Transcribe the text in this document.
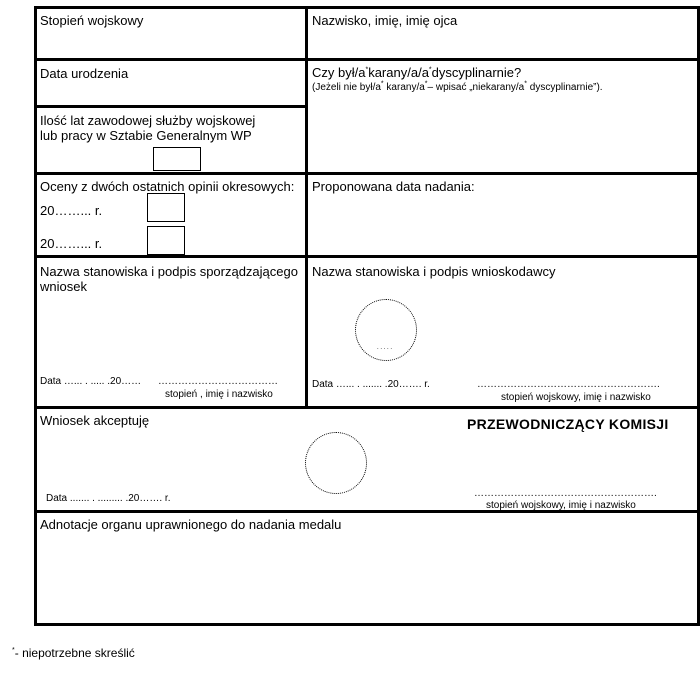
Stopień wojskowy	Nazwisko, imię, imię ojca
Data urodzenia	Czy był/a*karany/a/a*dyscyplinarnie?
(Jeżeli nie był/a* karany/a*– wpisać „niekarany/a* dyscyplinarnie”).
Ilość lat zawodowej służby wojskowej
lub pracy w Sztabie Generalnym WP
Oceny z dwóch ostatnich opinii okresowych:
20……... r.
20……... r.
Proponowana data nadania:
Nazwa stanowiska i podpis sporządzającego
wniosek
Data …... . ..... .20…… ………………………………
stopień , imię i nazwisko
Nazwa stanowiska i podpis wnioskodawcy
. . . . .
Data …... . ....... .20……. r.	……………………………………………….
stopień wojskowy, imię i nazwisko
Wniosek akceptuję	PRZEWODNICZĄCY KOMISJI
Data ....... . ......... .20……. r.	……………………………………………….
stopień wojskowy, imię i nazwisko
Adnotacje organu uprawnionego do nadania medalu
*- niepotrzebne skreślić
